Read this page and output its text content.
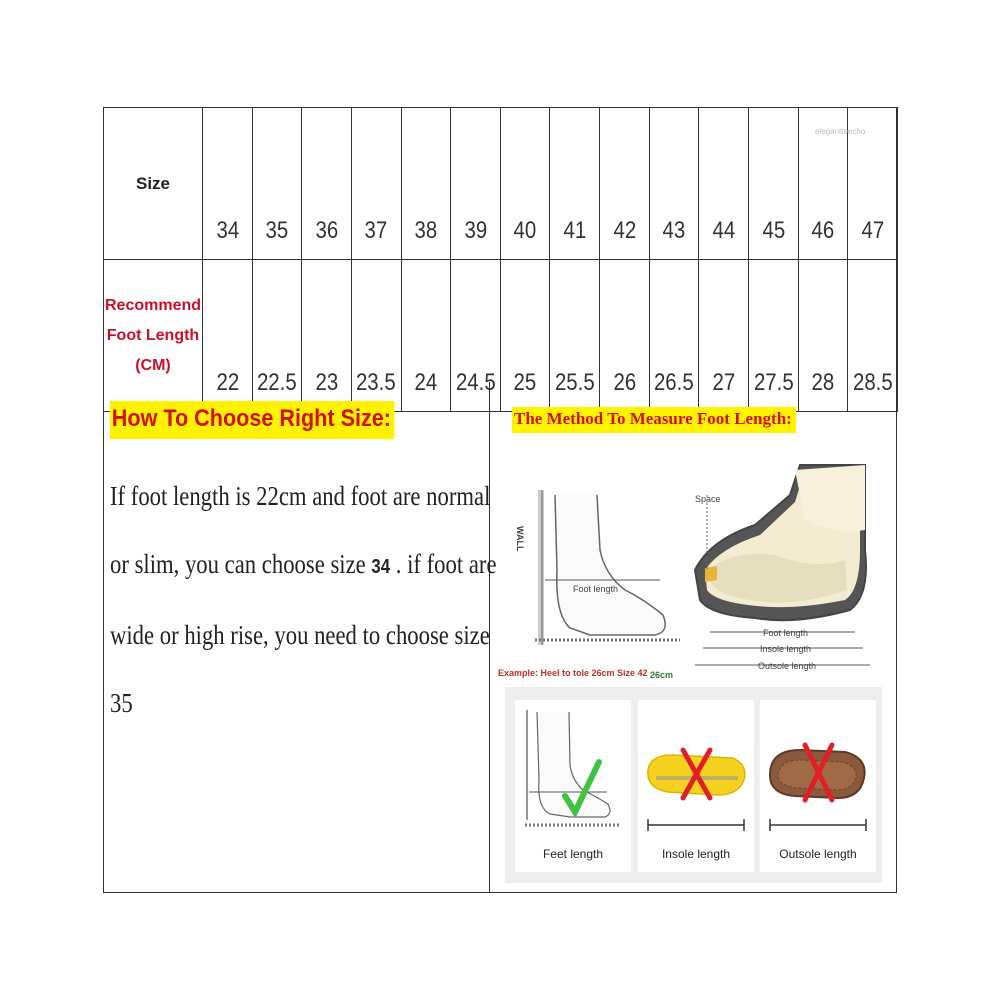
Size	34	35	36	37	38	39	40	41	42	43	44	45	46	47

Recommend
Foot Length
(CM)	22	22.5	23	23.5	24	24.5	25	25.5	26	26.5	27	27.5	28	28.5
elegantteecho
How To Choose Right Size:
If foot length is 22cm and foot are normal
or slim, you can choose size 34 . if foot are
wide or high rise, you need to choose size
35
The Method To Measure Foot Length:
WALL
Foot length
Example: Heel to tole 26cm Size 42 26cm
Space
Foot length
Insole length
Outsole length
Feet length	Insole length	Outsole length
